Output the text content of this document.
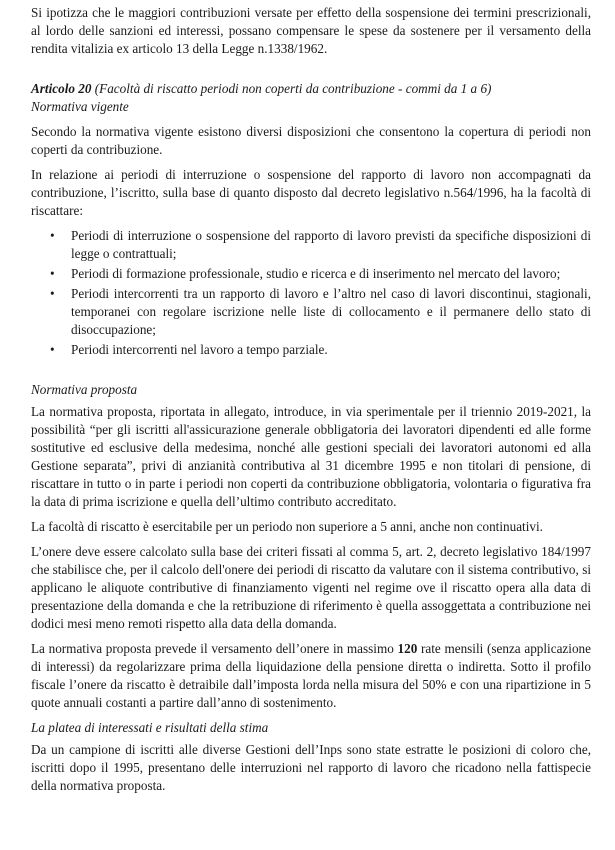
Si ipotizza che le maggiori contribuzioni versate per effetto della sospensione dei termini prescrizionali, al lordo delle sanzioni ed interessi, possano compensare le spese da sostenere per il versamento della rendita vitalizia ex articolo 13 della Legge n.1338/1962.

Articolo 20 (Facoltà di riscatto periodi non coperti da contribuzione - commi da 1 a 6)

Normativa vigente

Secondo la normativa vigente esistono diversi disposizioni che consentono la copertura di periodi non coperti da contribuzione.

In relazione ai periodi di interruzione o sospensione del rapporto di lavoro non accompagnati da contribuzione, l’iscritto, sulla base di quanto disposto dal decreto legislativo n.564/1996, ha la facoltà di riscattare:

• Periodi di interruzione o sospensione del rapporto di lavoro previsti da specifiche disposizioni di legge o contrattuali;
• Periodi di formazione professionale, studio e ricerca e di inserimento nel mercato del lavoro;
• Periodi intercorrenti tra un rapporto di lavoro e l’altro nel caso di lavori discontinui, stagionali, temporanei con regolare iscrizione nelle liste di collocamento e il permanere dello stato di disoccupazione;
• Periodi intercorrenti nel lavoro a tempo parziale.

Normativa proposta

La normativa proposta, riportata in allegato, introduce, in via sperimentale per il triennio 2019-2021, la possibilità “per gli iscritti all'assicurazione generale obbligatoria dei lavoratori dipendenti ed alle forme sostitutive ed esclusive della medesima, nonché alle gestioni speciali dei lavoratori autonomi ed alla Gestione separata”, privi di anzianità contributiva al 31 dicembre 1995 e non titolari di pensione, di riscattare in tutto o in parte i periodi non coperti da contribuzione obbligatoria, volontaria o figurativa fra la data di prima iscrizione e quella dell’ultimo contributo accreditato.

La facoltà di riscatto è esercitabile per un periodo non superiore a 5 anni, anche non continuativi.

L’onere deve essere calcolato sulla base dei criteri fissati al comma 5, art. 2, decreto legislativo 184/1997 che stabilisce che, per il calcolo dell'onere dei periodi di riscatto da valutare con il sistema contributivo, si applicano le aliquote contributive di finanziamento vigenti nel regime ove il riscatto opera alla data di presentazione della domanda e che la retribuzione di riferimento è quella assoggettata a contribuzione nei dodici mesi meno remoti rispetto alla data della domanda.

La normativa proposta prevede il versamento dell’onere in massimo 120 rate mensili (senza applicazione di interessi) da regolarizzare prima della liquidazione della pensione diretta o indiretta. Sotto il profilo fiscale l’onere da riscatto è detraibile dall’imposta lorda nella misura del 50% e con una ripartizione in 5 quote annuali costanti a partire dall’anno di sostenimento.

La platea di interessati e risultati della stima

Da un campione di iscritti alle diverse Gestioni dell’Inps sono state estratte le posizioni di coloro che, iscritti dopo il 1995, presentano delle interruzioni nel rapporto di lavoro che ricadono nella fattispecie della normativa proposta.
